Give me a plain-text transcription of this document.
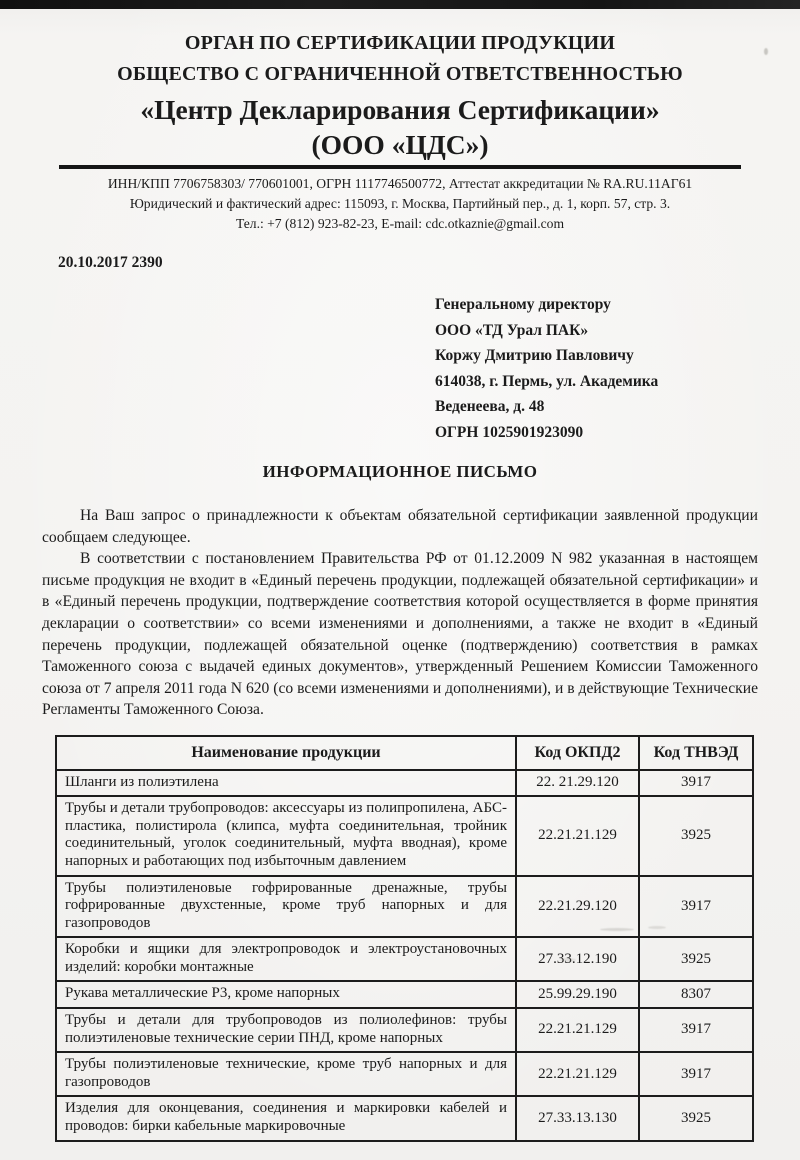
ОРГАН ПО СЕРТИФИКАЦИИ ПРОДУКЦИИ
ОБЩЕСТВО С ОГРАНИЧЕННОЙ ОТВЕТСТВЕННОСТЬЮ
«Центр Декларирования Сертификации»
(ООО «ЦДС»)
ИНН/КПП 7706758303/ 770601001, ОГРН 1117746500772, Аттестат аккредитации № RA.RU.11АГ61
Юридический и фактический адрес: 115093, г. Москва, Партийный пер., д. 1, корп. 57, стр. 3.
Тел.: +7 (812) 923-82-23, E-mail: cdc.otkaznie@gmail.com
20.10.2017 2390
Генеральному директору
ООО «ТД Урал ПАК»
Коржу Дмитрию Павловичу
614038, г. Пермь, ул. Академика Веденеева, д. 48
ОГРН 1025901923090
ИНФОРМАЦИОННОЕ ПИСЬМО

На Ваш запрос о принадлежности к объектам обязательной сертификации заявленной продукции сообщаем следующее.

В соответствии с постановлением Правительства РФ от 01.12.2009 N 982 указанная в настоящем письме продукция не входит в «Единый перечень продукции, подлежащей обязательной сертификации» и в «Единый перечень продукции, подтверждение соответствия которой осуществляется в форме принятия декларации о соответствии» со всеми изменениями и дополнениями, а также не входит в «Единый перечень продукции, подлежащей обязательной оценке (подтверждению) соответствия в рамках Таможенного союза с выдачей единых документов», утвержденный Решением Комиссии Таможенного союза от 7 апреля 2011 года N 620 (со всеми изменениями и дополнениями), и в действующие Технические Регламенты Таможенного Союза.

Наименование продукции	Код ОКПД2	Код ТНВЭД
Шланги из полиэтилена	22. 21.29.120	3917
Трубы и детали трубопроводов: аксессуары из полипропилена, АБС-пластика, полистирола (клипса, муфта соединительная, тройник соединительный, уголок соединительный, муфта вводная), кроме напорных и работающих под избыточным давлением	22.21.21.129	3925
Трубы полиэтиленовые гофрированные дренажные, трубы гофрированные двухстенные, кроме труб напорных и для газопроводов	22.21.29.120	3917
Коробки и ящики для электропроводок и электроустановочных изделий: коробки монтажные	27.33.12.190	3925
Рукава металлические Р3, кроме напорных	25.99.29.190	8307
Трубы и детали для трубопроводов из полиолефинов: трубы полиэтиленовые технические серии ПНД, кроме напорных	22.21.21.129	3917
Трубы полиэтиленовые технические, кроме труб напорных и для газопроводов	22.21.21.129	3917
Изделия для оконцевания, соединения и маркировки кабелей и проводов: бирки кабельные маркировочные	27.33.13.130	3925
